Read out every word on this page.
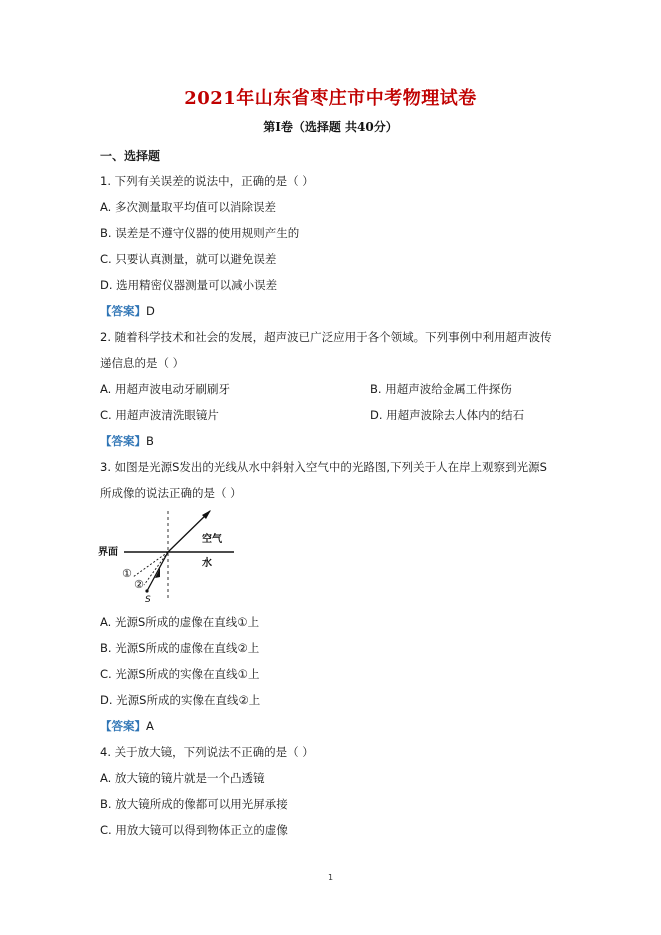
2021年山东省枣庄市中考物理试卷
第Ⅰ卷（选择题 共40分）
一、选择题
1. 下列有关误差的说法中，正确的是（ ）
A. 多次测量取平均值可以消除误差
B. 误差是不遵守仪器的使用规则产生的
C. 只要认真测量，就可以避免误差
D. 选用精密仪器测量可以减小误差
【答案】D
2. 随着科学技术和社会的发展，超声波已广泛应用于各个领域。下列事例中利用超声波传
递信息的是（ ）
A. 用超声波电动牙刷刷牙	B. 用超声波给金属工件探伤
C. 用超声波清洗眼镜片	D. 用超声波除去人体内的结石
【答案】B
3. 如图是光源S发出的光线从水中斜射入空气中的光路图,下列关于人在岸上观察到光源S
所成像的说法正确的是（ ）
界面
空气
水
①
②
S
A. 光源S所成的虚像在直线①上
B. 光源S所成的虚像在直线②上
C. 光源S所成的实像在直线①上
D. 光源S所成的实像在直线②上
【答案】A
4. 关于放大镜，下列说法不正确的是（ ）
A. 放大镜的镜片就是一个凸透镜
B. 放大镜所成的像都可以用光屏承接
C. 用放大镜可以得到物体正立的虚像
1
